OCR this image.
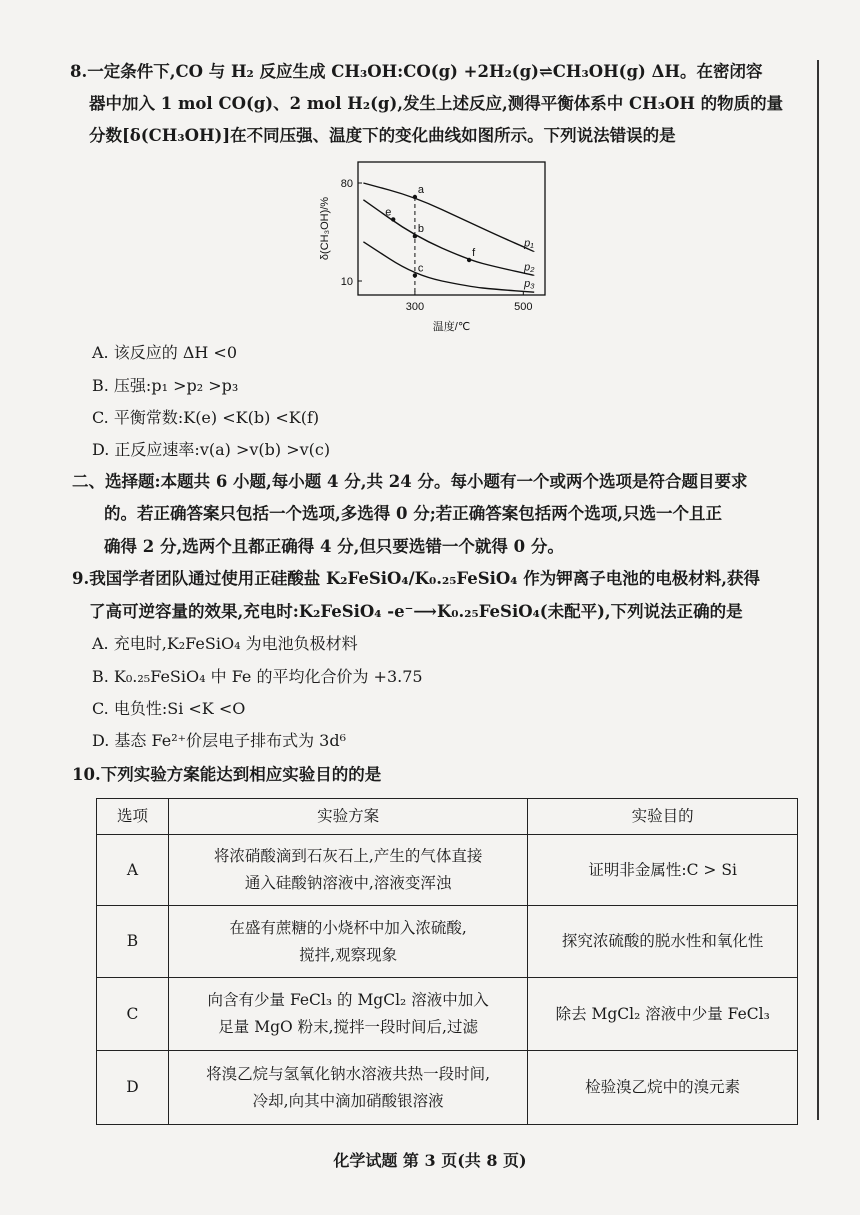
8.一定条件下,CO 与 H₂ 反应生成 CH₃OH:CO(g) +2H₂(g)⇌CH₃OH(g) ΔH。在密闭容
器中加入 1 mol CO(g)、2 mol H₂(g),发生上述反应,测得平衡体系中 CH₃OH 的物质的量
分数[δ(CH₃OH)]在不同压强、温度下的变化曲线如图所示。下列说法错误的是
10
80
300	500
温度/℃
δ(CH₃OH)/%	p₁
p₂
p₃
a
b
c
e
f
A. 该反应的 ΔH <0
B. 压强:p₁ >p₂ >p₃
C. 平衡常数:K(e) <K(b) <K(f)
D. 正反应速率:v(a) >v(b) >v(c)
二、选择题:本题共 6 小题,每小题 4 分,共 24 分。每小题有一个或两个选项是符合题目要求
的。若正确答案只包括一个选项,多选得 0 分;若正确答案包括两个选项,只选一个且正
确得 2 分,选两个且都正确得 4 分,但只要选错一个就得 0 分。
9.我国学者团队通过使用正硅酸盐 K₂FeSiO₄/K₀.₂₅FeSiO₄ 作为钾离子电池的电极材料,获得
了高可逆容量的效果,充电时:K₂FeSiO₄ -e⁻⟶K₀.₂₅FeSiO₄(未配平),下列说法正确的是
A. 充电时,K₂FeSiO₄ 为电池负极材料
B. K₀.₂₅FeSiO₄ 中 Fe 的平均化合价为 +3.75
C. 电负性:Si <K <O
D. 基态 Fe²⁺价层电子排布式为 3d⁶
10.下列实验方案能达到相应实验目的的是
选项	实验方案	实验目的
A	将浓硝酸滴到石灰石上,产生的气体直接
通入硅酸钠溶液中,溶液变浑浊	证明非金属性:C > Si
B	在盛有蔗糖的小烧杯中加入浓硫酸,
搅拌,观察现象	探究浓硫酸的脱水性和氧化性
C	向含有少量 FeCl₃ 的 MgCl₂ 溶液中加入
足量 MgO 粉末,搅拌一段时间后,过滤	除去 MgCl₂ 溶液中少量 FeCl₃
D	将溴乙烷与氢氧化钠水溶液共热一段时间,
冷却,向其中滴加硝酸银溶液	检验溴乙烷中的溴元素
化学试题 第 3 页(共 8 页)
